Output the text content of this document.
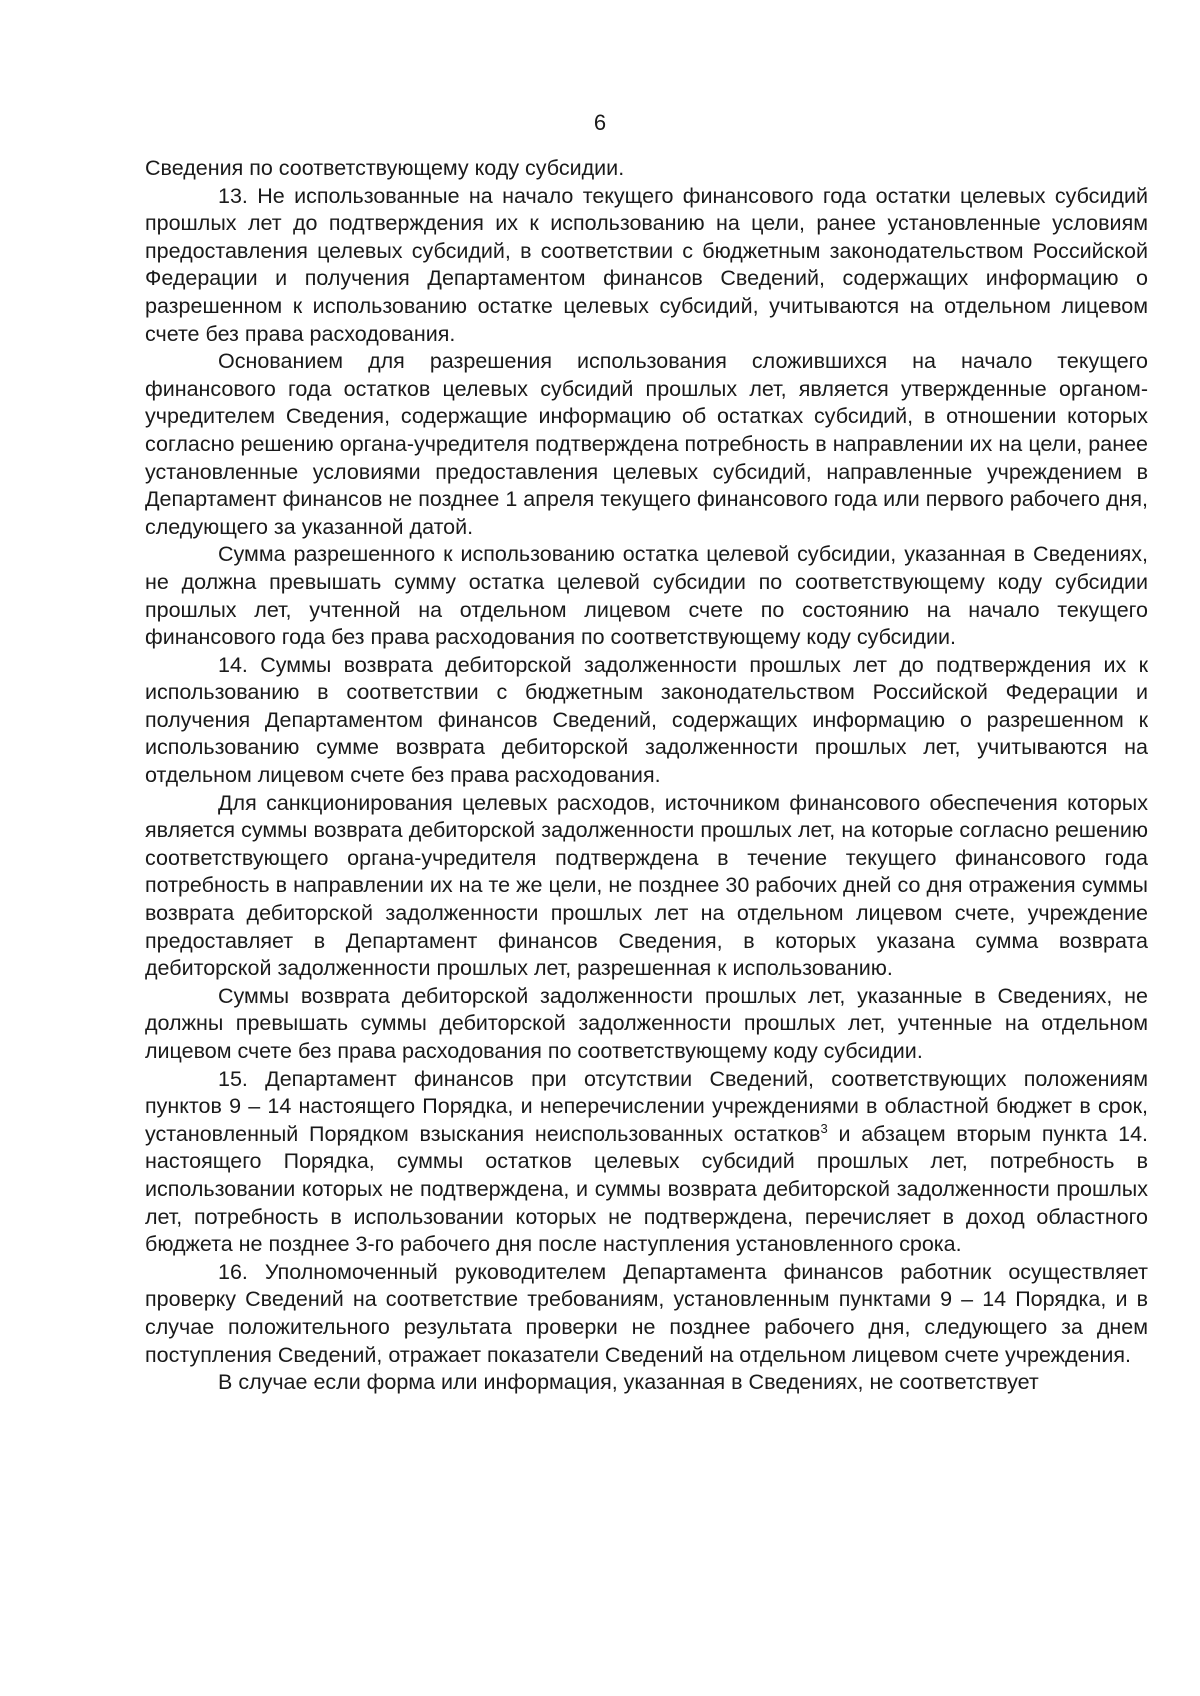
6

Сведения по соответствующему коду субсидии.

13. Не использованные на начало текущего финансового года остатки целевых субсидий прошлых лет до подтверждения их к использованию на цели, ранее установленные условиям предоставления целевых субсидий, в соответствии с бюджетным законодательством Российской Федерации и получения Департаментом финансов Сведений, содержащих информацию о разрешенном к использованию остатке целевых субсидий, учитываются на отдельном лицевом счете без права расходования.

Основанием для разрешения использования сложившихся на начало текущего финансового года остатков целевых субсидий прошлых лет, является утвержденные органом-учредителем Сведения, содержащие информацию об остатках субсидий, в отношении которых согласно решению органа-учредителя подтверждена потребность в направлении их на цели, ранее установленные условиями предоставления целевых субсидий, направленные учреждением в Департамент финансов не позднее 1 апреля текущего финансового года или первого рабочего дня, следующего за указанной датой.

Сумма разрешенного к использованию остатка целевой субсидии, указанная в Сведениях, не должна превышать сумму остатка целевой субсидии по соответствующему коду субсидии прошлых лет, учтенной на отдельном лицевом счете по состоянию на начало текущего финансового года без права расходования по соответствующему коду субсидии.

14. Суммы возврата дебиторской задолженности прошлых лет до подтверждения их к использованию в соответствии с бюджетным законодательством Российской Федерации и получения Департаментом финансов Сведений, содержащих информацию о разрешенном к использованию сумме возврата дебиторской задолженности прошлых лет, учитываются на отдельном лицевом счете без права расходования.

Для санкционирования целевых расходов, источником финансового обеспечения которых является суммы возврата дебиторской задолженности прошлых лет, на которые согласно решению соответствующего органа-учредителя подтверждена в течение текущего финансового года потребность в направлении их на те же цели, не позднее 30 рабочих дней со дня отражения суммы возврата дебиторской задолженности прошлых лет на отдельном лицевом счете, учреждение предоставляет в Департамент финансов Сведения, в которых указана сумма возврата дебиторской задолженности прошлых лет, разрешенная к использованию.

Суммы возврата дебиторской задолженности прошлых лет, указанные в Сведениях, не должны превышать суммы дебиторской задолженности прошлых лет, учтенные на отдельном лицевом счете без права расходования по соответствующему коду субсидии.

15. Департамент финансов при отсутствии Сведений, соответствующих положениям пунктов 9 – 14 настоящего Порядка, и неперечислении учреждениями в областной бюджет в срок, установленный Порядком взыскания неиспользованных остатков$^3$ и абзацем вторым пункта 14. настоящего Порядка, суммы остатков целевых субсидий прошлых лет, потребность в использовании которых не подтверждена, и суммы возврата дебиторской задолженности прошлых лет, потребность в использовании которых не подтверждена, перечисляет в доход областного бюджета не позднее 3-го рабочего дня после наступления установленного срока.

16. Уполномоченный руководителем Департамента финансов работник осуществляет проверку Сведений на соответствие требованиям, установленным пунктами 9 – 14 Порядка, и в случае положительного результата проверки не позднее рабочего дня, следующего за днем поступления Сведений, отражает показатели Сведений на отдельном лицевом счете учреждения.

В случае если форма или информация, указанная в Сведениях, не соответствует
